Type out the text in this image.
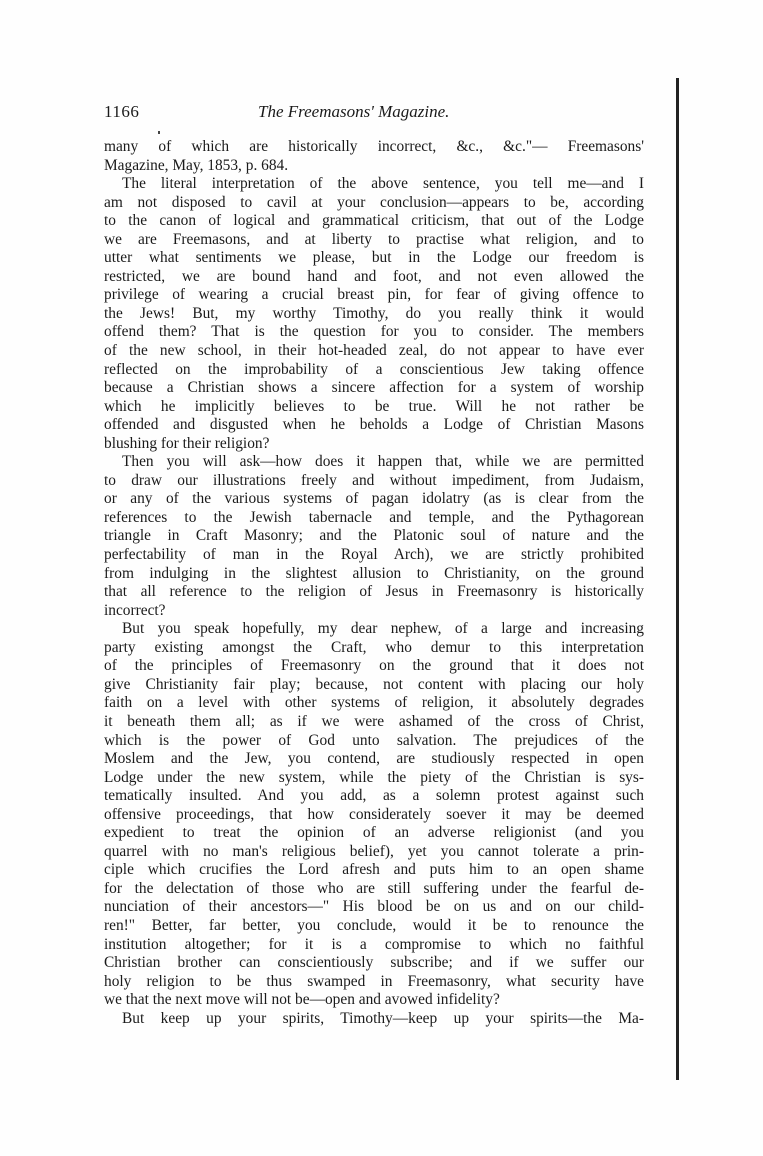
1166	The Freemasons' Magazine.
many of which are historically incorrect, &c., &c."— Freemasons'
Magazine, May, 1853, p. 684.
The literal interpretation of the above sentence, you tell me—and I
am not disposed to cavil at your conclusion—appears to be, according
to the canon of logical and grammatical criticism, that out of the Lodge
we are Freemasons, and at liberty to practise what religion, and to
utter what sentiments we please, but in the Lodge our freedom is
restricted, we are bound hand and foot, and not even allowed the
privilege of wearing a crucial breast pin, for fear of giving offence to
the Jews! But, my worthy Timothy, do you really think it would
offend them? That is the question for you to consider. The members
of the new school, in their hot-headed zeal, do not appear to have ever
reflected on the improbability of a conscientious Jew taking offence
because a Christian shows a sincere affection for a system of worship
which he implicitly believes to be true. Will he not rather be
offended and disgusted when he beholds a Lodge of Christian Masons
blushing for their religion?
Then you will ask—how does it happen that, while we are permitted
to draw our illustrations freely and without impediment, from Judaism,
or any of the various systems of pagan idolatry (as is clear from the
references to the Jewish tabernacle and temple, and the Pythagorean
triangle in Craft Masonry; and the Platonic soul of nature and the
perfectability of man in the Royal Arch), we are strictly prohibited
from indulging in the slightest allusion to Christianity, on the ground
that all reference to the religion of Jesus in Freemasonry is historically
incorrect?
But you speak hopefully, my dear nephew, of a large and increasing
party existing amongst the Craft, who demur to this interpretation
of the principles of Freemasonry on the ground that it does not
give Christianity fair play; because, not content with placing our holy
faith on a level with other systems of religion, it absolutely degrades
it beneath them all; as if we were ashamed of the cross of Christ,
which is the power of God unto salvation. The prejudices of the
Moslem and the Jew, you contend, are studiously respected in open
Lodge under the new system, while the piety of the Christian is sys-
tematically insulted. And you add, as a solemn protest against such
offensive proceedings, that how considerately soever it may be deemed
expedient to treat the opinion of an adverse religionist (and you
quarrel with no man's religious belief), yet you cannot tolerate a prin-
ciple which crucifies the Lord afresh and puts him to an open shame
for the delectation of those who are still suffering under the fearful de-
nunciation of their ancestors—" His blood be on us and on our child-
ren!" Better, far better, you conclude, would it be to renounce the
institution altogether; for it is a compromise to which no faithful
Christian brother can conscientiously subscribe; and if we suffer our
holy religion to be thus swamped in Freemasonry, what security have
we that the next move will not be—open and avowed infidelity?
But keep up your spirits, Timothy—keep up your spirits—the Ma-
